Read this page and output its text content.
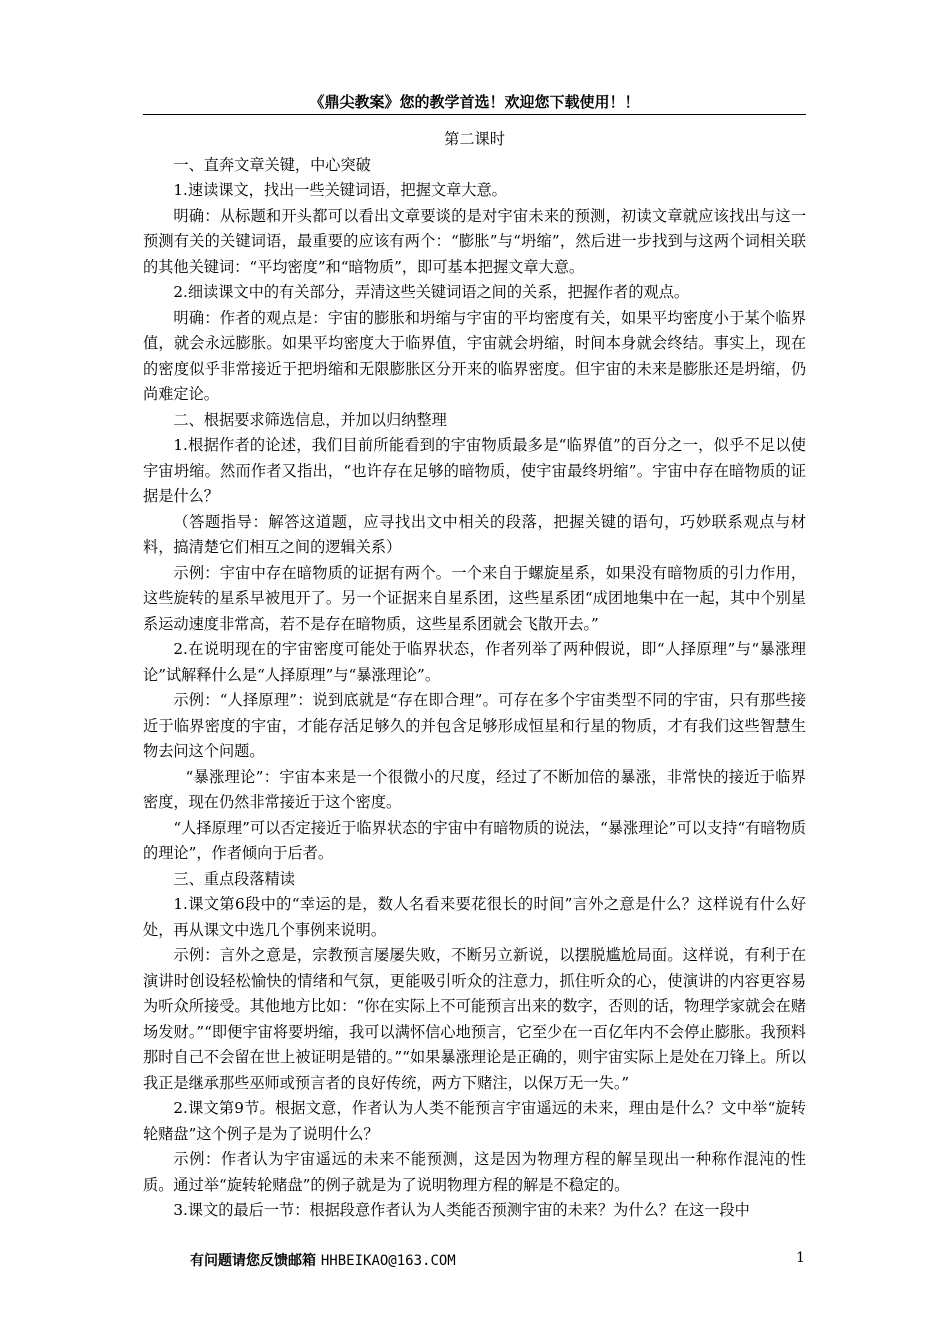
《鼎尖教案》您的教学首选！欢迎您下载使用！！

第二课时

一、直奔文章关键，中心突破

1.速读课文，找出一些关键词语，把握文章大意。

明确：从标题和开头都可以看出文章要谈的是对宇宙未来的预测，初读文章就应该找出与这一预测有关的关键词语，最重要的应该有两个：“膨胀”与“坍缩”，然后进一步找到与这两个词相关联的其他关键词：“平均密度”和“暗物质”，即可基本把握文章大意。

2.细读课文中的有关部分，弄清这些关键词语之间的关系，把握作者的观点。

明确：作者的观点是：宇宙的膨胀和坍缩与宇宙的平均密度有关，如果平均密度小于某个临界值，就会永远膨胀。如果平均密度大于临界值，宇宙就会坍缩，时间本身就会终结。事实上，现在的密度似乎非常接近于把坍缩和无限膨胀区分开来的临界密度。但宇宙的未来是膨胀还是坍缩，仍尚难定论。

二、根据要求筛选信息，并加以归纳整理

1.根据作者的论述，我们目前所能看到的宇宙物质最多是“临界值”的百分之一，似乎不足以使宇宙坍缩。然而作者又指出，“也许存在足够的暗物质，使宇宙最终坍缩”。宇宙中存在暗物质的证据是什么？

（答题指导：解答这道题，应寻找出文中相关的段落，把握关键的语句，巧妙联系观点与材料，搞清楚它们相互之间的逻辑关系）

示例：宇宙中存在暗物质的证据有两个。一个来自于螺旋星系，如果没有暗物质的引力作用，这些旋转的星系早被甩开了。另一个证据来自星系团，这些星系团“成团地集中在一起，其中个别星系运动速度非常高，若不是存在暗物质，这些星系团就会飞散开去。”

2.在说明现在的宇宙密度可能处于临界状态，作者列举了两种假说，即“人择原理”与“暴涨理论”试解释什么是“人择原理”与“暴涨理论”。

示例：“人择原理”：说到底就是“存在即合理”。可存在多个宇宙类型不同的宇宙，只有那些接近于临界密度的宇宙，才能存活足够久的并包含足够形成恒星和行星的物质，才有我们这些智慧生物去问这个问题。

“暴涨理论”：宇宙本来是一个很微小的尺度，经过了不断加倍的暴涨，非常快的接近于临界密度，现在仍然非常接近于这个密度。

“人择原理”可以否定接近于临界状态的宇宙中有暗物质的说法，“暴涨理论”可以支持“有暗物质的理论”，作者倾向于后者。

三、重点段落精读

1.课文第6段中的“幸运的是，数人名看来要花很长的时间”言外之意是什么？这样说有什么好处，再从课文中选几个事例来说明。

示例：言外之意是，宗教预言屡屡失败，不断另立新说，以摆脱尴尬局面。这样说，有利于在演讲时创设轻松愉快的情绪和气氛，更能吸引听众的注意力，抓住听众的心，使演讲的内容更容易为听众所接受。其他地方比如：“你在实际上不可能预言出来的数字，否则的话，物理学家就会在赌场发财。”“即便宇宙将要坍缩，我可以满怀信心地预言，它至少在一百亿年内不会停止膨胀。我预料那时自己不会留在世上被证明是错的。”“如果暴涨理论是正确的，则宇宙实际上是处在刀锋上。所以我正是继承那些巫师或预言者的良好传统，两方下赌注，以保万无一失。”

2.课文第9节。根据文意，作者认为人类不能预言宇宙遥远的未来，理由是什么？文中举“旋转轮赌盘”这个例子是为了说明什么？

示例：作者认为宇宙遥远的未来不能预测，这是因为物理方程的解呈现出一种称作混沌的性质。通过举“旋转轮赌盘”的例子就是为了说明物理方程的解是不稳定的。

3.课文的最后一节：根据段意作者认为人类能否预测宇宙的未来？为什么？在这一段中

有问题请您反馈邮箱 HHBEIKAO@163.COM	1
